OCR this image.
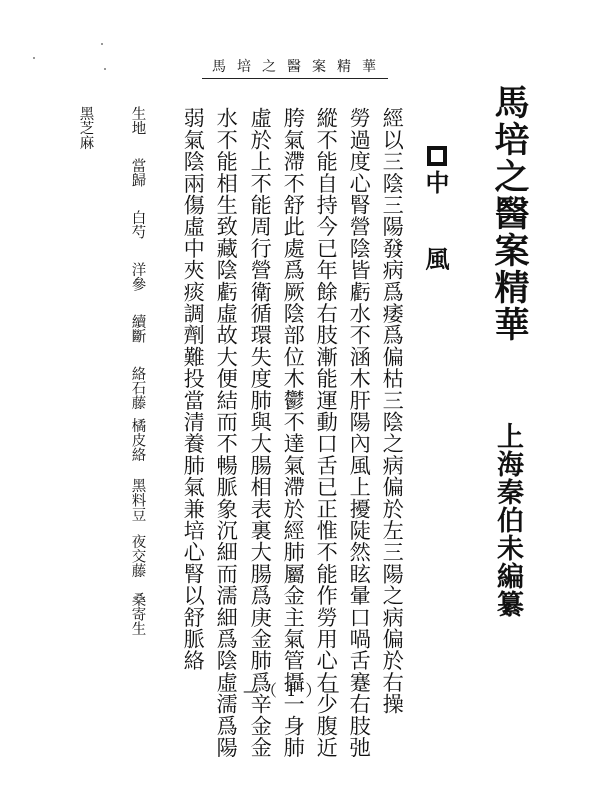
馬培之醫案精華
馬培之醫案精華
上海秦伯未編纂
中 風
經以三陰三陽發病爲痿爲偏枯三陰之病偏於左三陽之病偏於右操
勞過度心腎營陰皆虧水不涵木肝陽內風上擾陡然眩暈口喎舌蹇右肢弛
縱不能自持今已年餘右肢漸能運動口舌已正惟不能作勞用心右少腹近
胯氣滯不舒此處爲厥陰部位木鬱不達氣滯於經肺屬金主氣管攝一身肺
虛於上不能周行營衛循環失度肺與大腸相表裏大腸爲庚金肺爲辛金金
水不能相生致藏陰虧虛故大便結而不暢脈象沉細而濡細爲陰虛濡爲陽
弱氣陰兩傷虛中夾痰調劑難投當清養肺氣兼培心腎以舒脈絡
生地
當歸
白芍
洋參
續斷
絡石藤
橘皮絡
黑料豆
夜交藤
桑寄生
黑芝麻
—（ 1 ）—
